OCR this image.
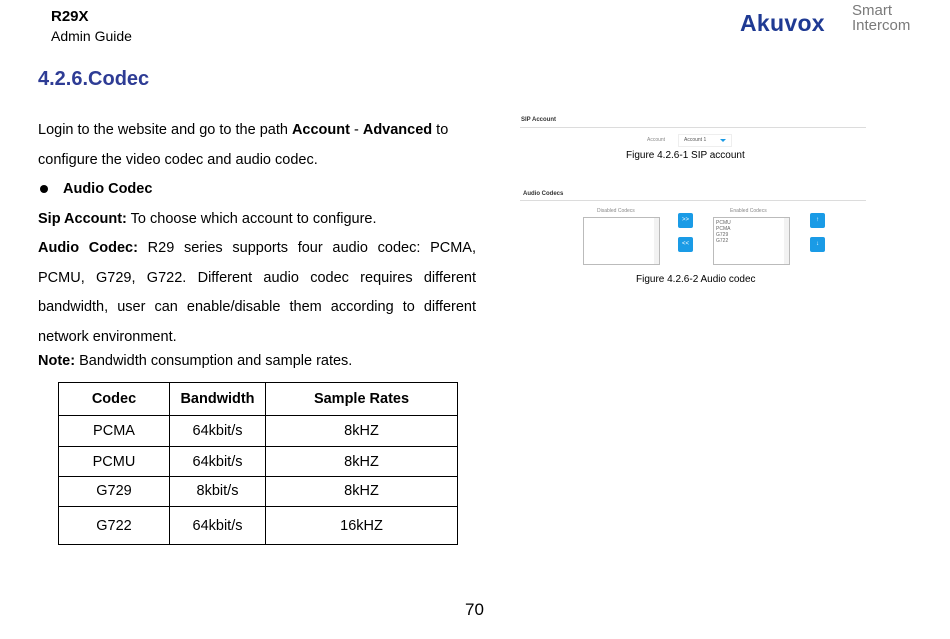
R29X
Admin Guide	Akuvox Smart
Intercom
4.2.6.Codec
Login to the website and go to the path Account - Advanced to
configure the video codec and audio codec.
Audio Codec
Sip Account: To choose which account to configure.
Audio Codec: R29 series supports four audio codec: PCMA, PCMU, G729, G722. Different audio codec requires different bandwidth, user can enable/disable them according to different network environment.
Note: Bandwidth consumption and sample rates.
Codec	Bandwidth	Sample Rates
PCMA	64kbit/s	8kHZ
PCMU	64kbit/s	8kHZ
G729	8kbit/s	8kHZ
G722	64kbit/s	16kHZ
SIP Account
Account	Account 1
Figure 4.2.6-1 SIP account
Audio Codecs
Disabled Codecs
>>
<<
Enabled Codecs
PCMU
PCMA
G729
G722
↑
↓
Figure 4.2.6-2 Audio codec
70
